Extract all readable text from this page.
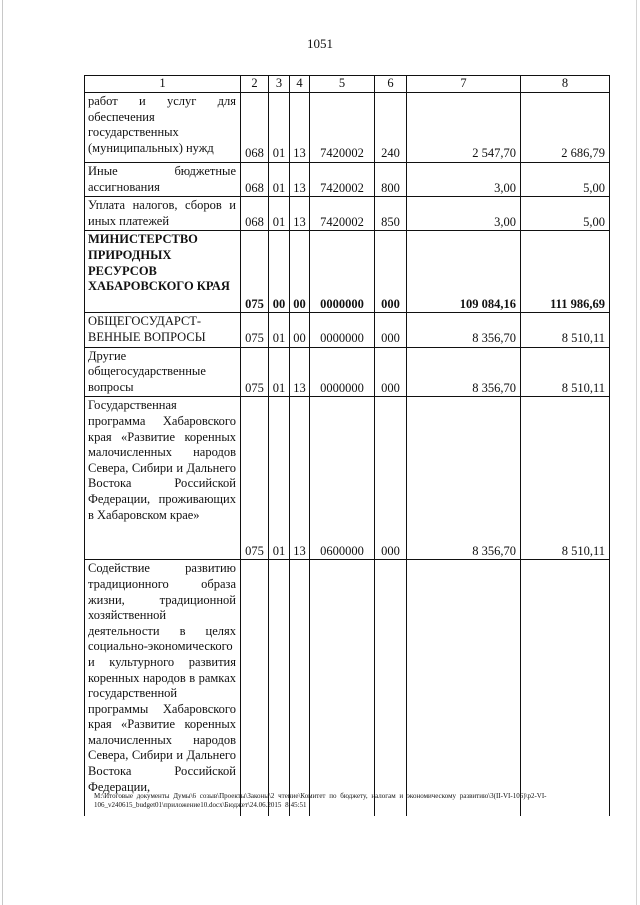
1051
1	2	3	4	5	6	7	8
работ и услуг для обеспечения государственных (муниципальных) нужд	068	01	13	7420002	240	2 547,70	2 686,79
Иные бюджетные ассигнования	068	01	13	7420002	800	3,00	5,00
Уплата налогов, сборов и иных платежей	068	01	13	7420002	850	3,00	5,00
МИНИСТЕРСТВО ПРИРОДНЫХ РЕСУРСОВ ХАБАРОВСКОГО КРАЯ	075	00	00	0000000	000	109 084,16	111 986,69
ОБЩЕГОСУДАРСТ-ВЕННЫЕ ВОПРОСЫ	075	01	00	0000000	000	8 356,70	8 510,11
Другие общегосударственные вопросы	075	01	13	0000000	000	8 356,70	8 510,11
Государственная программа Хабаровского края «Развитие коренных малочисленных народов Севера, Сибири и Дальнего Востока Российской Федерации, проживающих в Хабаровском крае»	075	01	13	0600000	000	8 356,70	8 510,11
Содействие развитию традиционного образа жизни, традиционной хозяйственной деятельности в целях социально-экономического и культурного развития коренных народов в рамках государственной программы Хабаровского края «Развитие коренных малочисленных народов Севера, Сибири и Дальнего Востока Российской Федерации,							
M:\Итоговые документы Думы\6 созыв\Проекты\Законы\2 чтение\Комитет по бюджету, налогам и экономическому развитию\3(II-VI-106)\p2-VI-106_v240615_budget01\приложение10.docx\Бюджет\24.06.2015 8:45:51
